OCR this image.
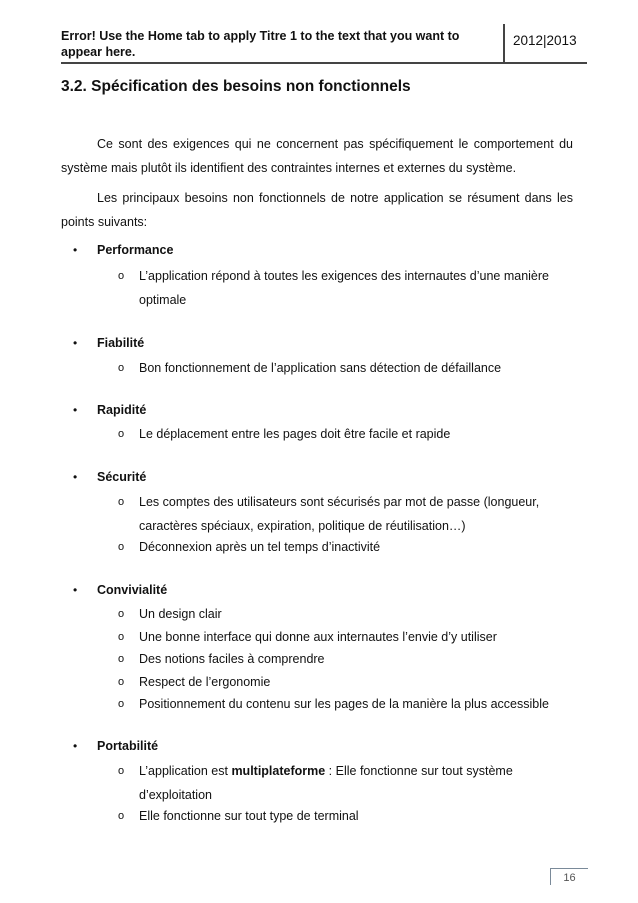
Error! Use the Home tab to apply Titre 1 to the text that you want to appear here.
2012|2013
3.2. Spécification des besoins non fonctionnels
Ce sont des exigences qui ne concernent pas spécifiquement le comportement du système mais plutôt ils identifient des contraintes internes et externes du système.
Les principaux besoins non fonctionnels de notre application se résument dans les points suivants:
• Performance
o L’application répond à toutes les exigences des internautes d’une manière optimale
• Fiabilité
o Bon fonctionnement de l’application sans détection de défaillance
• Rapidité
o Le déplacement entre les pages doit être facile et rapide
• Sécurité
o Les comptes des utilisateurs sont sécurisés par mot de passe (longueur, caractères spéciaux, expiration, politique de réutilisation…)
o Déconnexion après un tel temps d’inactivité
• Convivialité
o Un design clair
o Une bonne interface qui donne aux internautes l’envie d’y utiliser
o Des notions faciles à comprendre
o Respect de l’ergonomie
o Positionnement du contenu sur les pages de la manière la plus accessible
• Portabilité
o L’application est multiplateforme : Elle fonctionne sur tout système d’exploitation
o Elle fonctionne sur tout type de terminal
16
